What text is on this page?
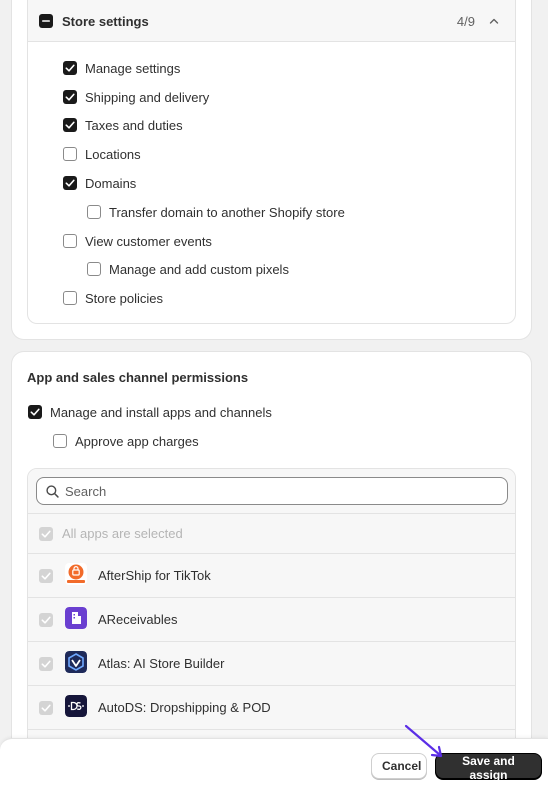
Store settings	4/9
Manage settings
Shipping and delivery
Taxes and duties
Locations
Domains
Transfer domain to another Shopify store
View customer events
Manage and add custom pixels
Store policies
App and sales channel permissions
Manage and install apps and channels
Approve app charges
Search
All apps are selected
AfterShip for TikTok
AReceivables
Atlas: AI Store Builder
AutoDS: Dropshipping & POD
Cancel	Save and assign
